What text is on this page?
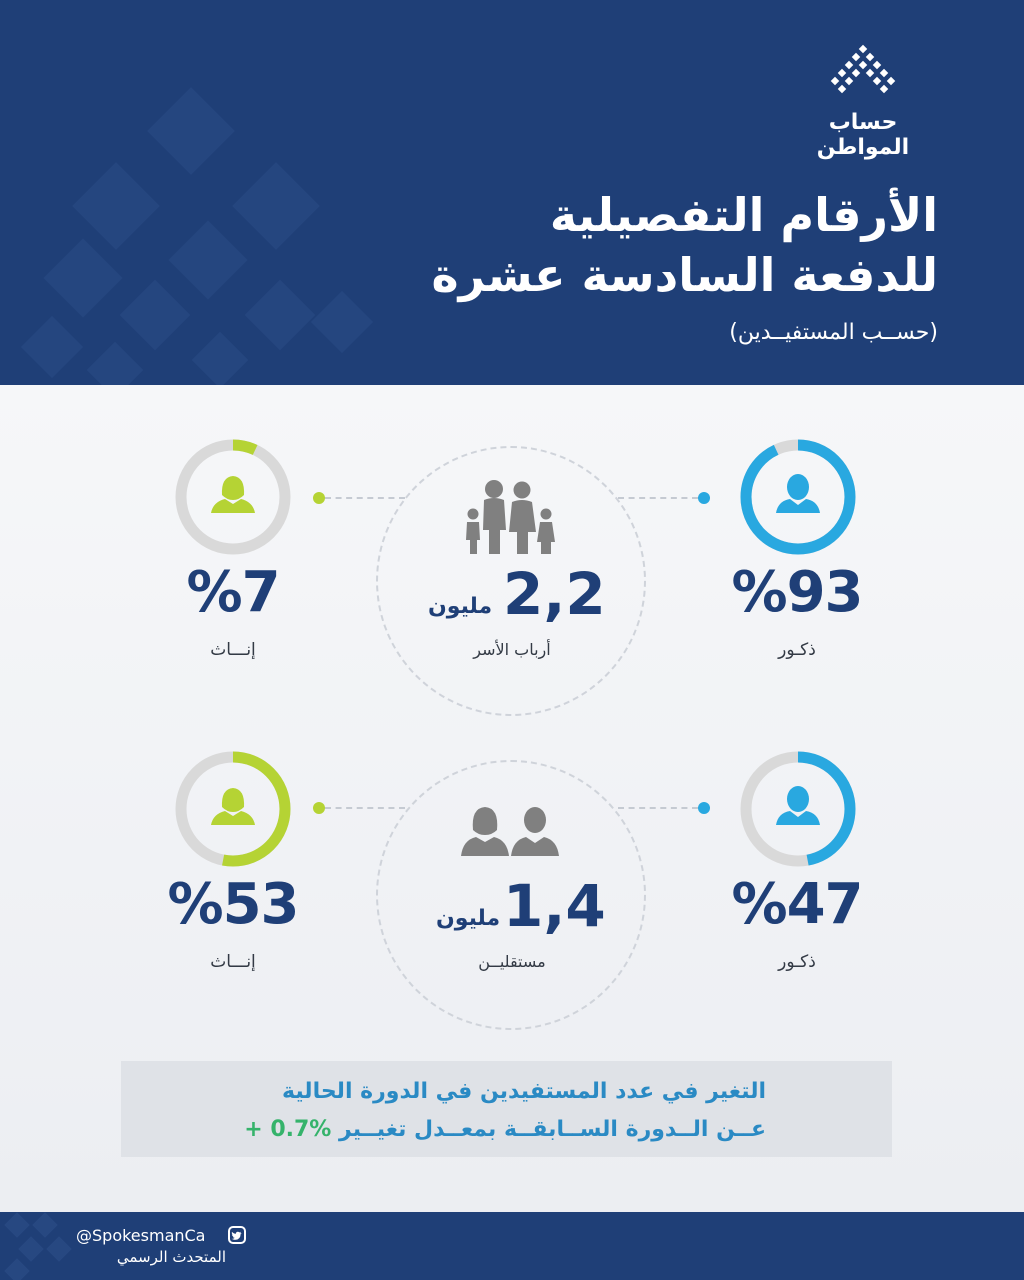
حساب المواطن
الأرقام التفصيلية
للدفعة السادسة عشرة
(حســب المستفيــدين)
2,2
مليون
أرباب الأسر
%93
ذكـور
%7
إنـــاث
1,4
مليون
مستقليــن
%47
ذكـور
%53
إنـــاث
التغير في عدد المستفيدين في الدورة الحالية
عــن الــدورة الســابقــة بمعــدل تغيــير + 0.7%
@SpokesmanCa
المتحدث الرسمي
